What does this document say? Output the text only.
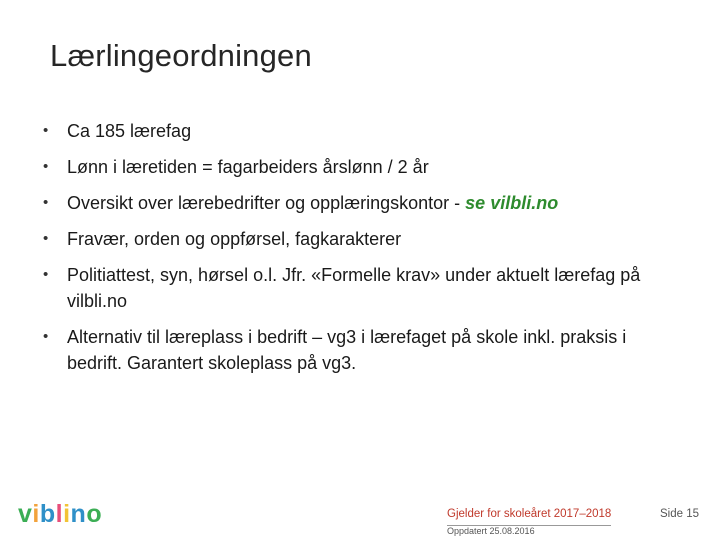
Lærlingeordningen
• Ca 185 lærefag
• Lønn i læretiden = fagarbeiders årslønn / 2 år
• Oversikt over lærebedrifter og opplæringskontor - se vilbli.no
• Fravær, orden og oppførsel, fagkarakterer
• Politiattest, syn, hørsel o.l. Jfr. «Formelle krav» under aktuelt lærefag på vilbli.no
• Alternativ til læreplass i bedrift – vg3 i lærefaget på skole inkl. praksis i bedrift. Garantert skoleplass på vg3.
viblino	Gjelder for skoleåret 2017–2018
Oppdatert 25.08.2016
Side 15
